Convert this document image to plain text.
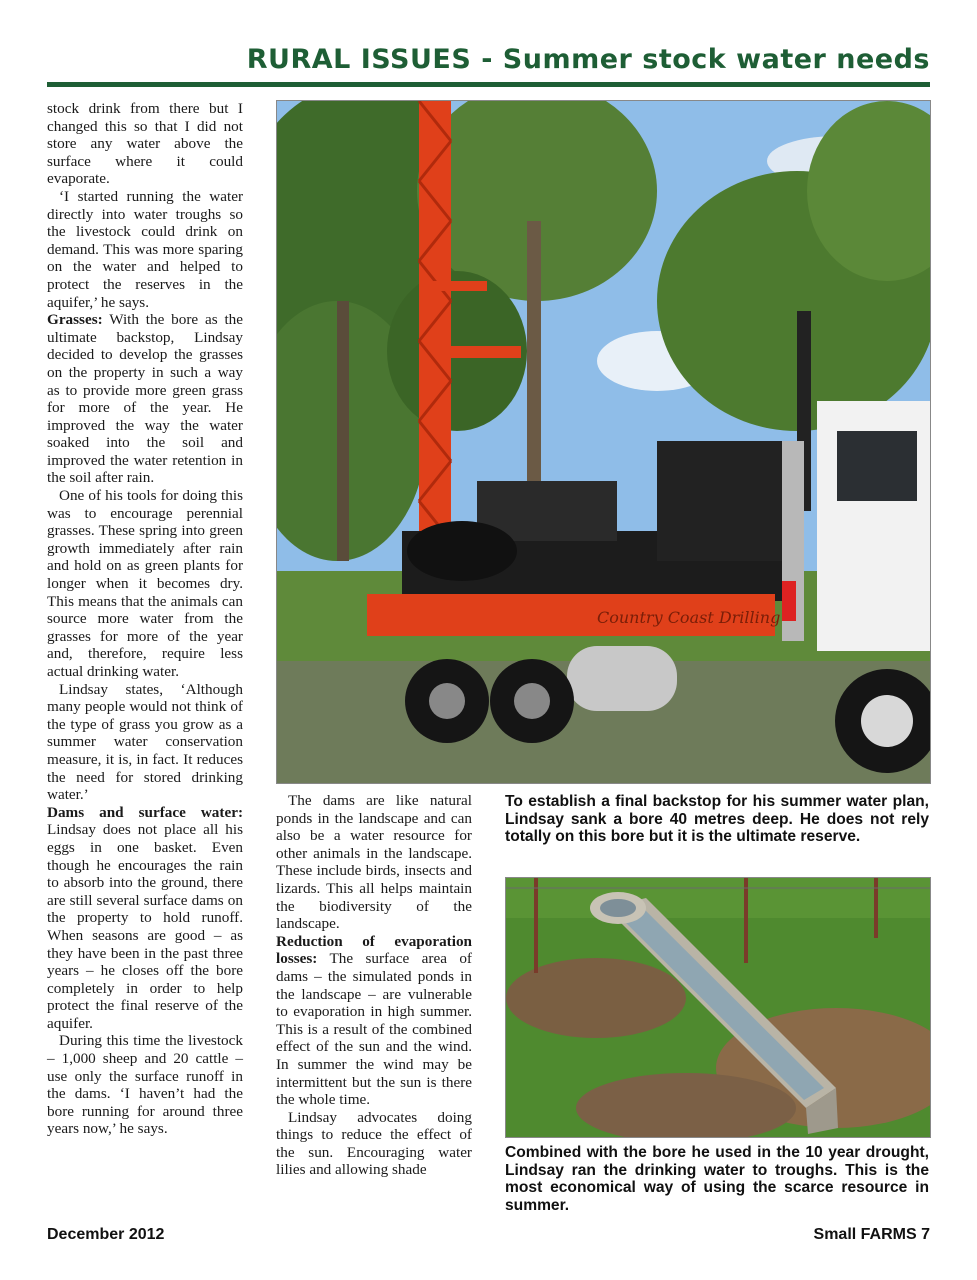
RURAL ISSUES - Summer stock water needs

stock drink from there but I changed this so that I did not store any water above the surface where it could evaporate.

‘I started running the water directly into water troughs so the livestock could drink on demand. This was more sparing on the water and helped to protect the reserves in the aquifer,’ he says.

Grasses: With the bore as the ultimate backstop, Lindsay decided to develop the grasses on the property in such a way as to provide more green grass for more of the year. He improved the way the water soaked into the soil and improved the water retention in the soil after rain.

One of his tools for doing this was to encourage perennial grasses. These spring into green growth immediately after rain and hold on as green plants for longer when it becomes dry. This means that the animals can source more water from the grasses for more of the year and, therefore, require less actual drinking water.

Lindsay states, ‘Although many people would not think of the type of grass you grow as a summer water conservation measure, it is, in fact. It reduces the need for stored drinking water.’

Dams and surface water: Lindsay does not place all his eggs in one basket. Even though he encourages the rain to absorb into the ground, there are still several surface dams on the property to hold runoff. When seasons are good – as they have been in the past three years – he closes off the bore completely in order to help protect the final reserve of the aquifer.

During this time the livestock – 1,000 sheep and 20 cattle – use only the surface runoff in the dams. ‘I haven’t had the bore running for around three years now,’ he says.

Country Coast Drilling

The dams are like natural ponds in the landscape and can also be a water resource for other animals in the landscape. These include birds, insects and lizards. This all helps maintain the biodiversity of the landscape.

Reduction of evaporation losses: The surface area of dams – the simulated ponds in the landscape – are vulnerable to evaporation in high summer. This is a result of the combined effect of the sun and the wind. In summer the wind may be intermittent but the sun is there the whole time.

Lindsay advocates doing things to reduce the effect of the sun. Encouraging water lilies and allowing shade

To establish a final backstop for his summer water plan, Lindsay sank a bore 40 metres deep. He does not rely totally on this bore but it is the ultimate reserve.
Combined with the bore he used in the 10 year drought, Lindsay ran the drinking water to troughs. This is the most economical way of using the scarce resource in summer.
December 2012	Small FARMS 7
